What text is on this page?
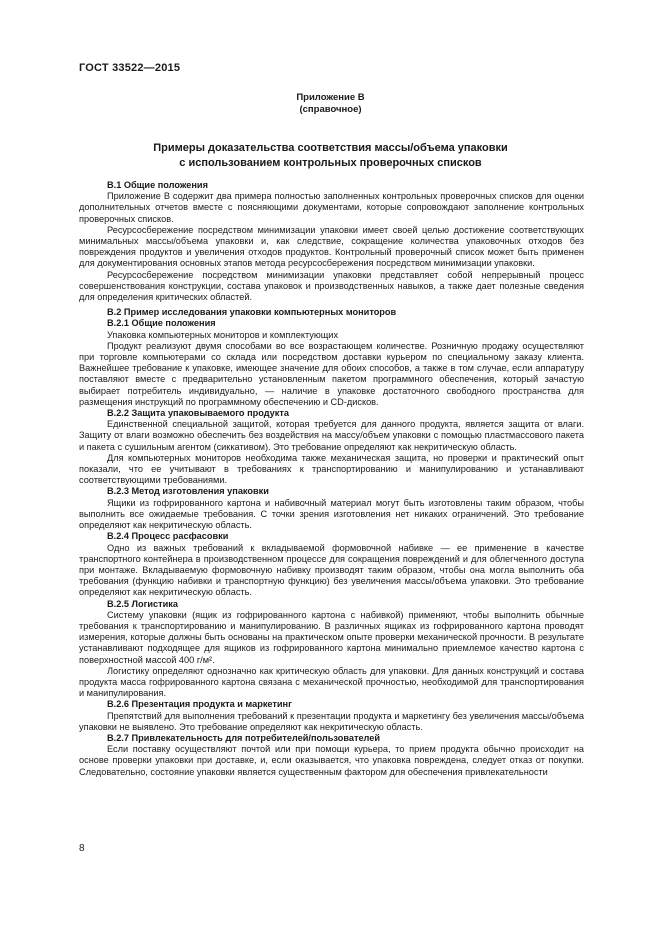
ГОСТ 33522—2015
Приложение В
(справочное)
Примеры доказательства соответствия массы/объема упаковки
с использованием контрольных проверочных списков
В.1 Общие положения

Приложение В содержит два примера полностью заполненных контрольных проверочных списков для оценки дополнительных отчетов вместе с поясняющими документами, которые сопровождают заполнение контрольных проверочных списков.

Ресурсосбережение посредством минимизации упаковки имеет своей целью достижение соответствующих минимальных массы/объема упаковки и, как следствие, сокращение количества упаковочных отходов без повреждения продуктов и увеличения отходов продуктов. Контрольный проверочный список может быть применен для документирования основных этапов метода ресурсосбережения посредством минимизации упаковки.

Ресурсосбережение посредством минимизации упаковки представляет собой непрерывный процесс совершенствования конструкции, состава упаковок и производственных навыков, а также дает полезные сведения для определения критических областей.

В.2 Пример исследования упаковки компьютерных мониторов
В.2.1 Общие положения

Упаковка компьютерных мониторов и комплектующих

Продукт реализуют двумя способами во все возрастающем количестве. Розничную продажу осуществляют при торговле компьютерами со склада или посредством доставки курьером по специальному заказу клиента. Важнейшее требование к упаковке, имеющее значение для обоих способов, а также в том случае, если аппаратуру поставляют вместе с предварительно установленным пакетом программного обеспечения, который зачастую выбирает потребитель индивидуально, — наличие в упаковке достаточного свободного пространства для размещения инструкций по программному обеспечению и CD-дисков.

В.2.2 Защита упаковываемого продукта

Единственной специальной защитой, которая требуется для данного продукта, является защита от влаги. Защиту от влаги возможно обеспечить без воздействия на массу/объем упаковки с помощью пластмассового пакета и пакета с сушильным агентом (сиккативом). Это требование определяют как некритическую область.

Для компьютерных мониторов необходима также механическая защита, но проверки и практический опыт показали, что ее учитывают в требованиях к транспортированию и манипулированию и устанавливают соответствующими требованиями.

В.2.3 Метод изготовления упаковки

Ящики из гофрированного картона и набивочный материал могут быть изготовлены таким образом, чтобы выполнить все ожидаемые требования. С точки зрения изготовления нет никаких ограничений. Это требование определяют как некритическую область.

В.2.4 Процесс расфасовки

Одно из важных требований к вкладываемой формовочной набивке — ее применение в качестве транспортного контейнера в производственном процессе для сокращения повреждений и для облегченного доступа при монтаже. Вкладываемую формовочную набивку производят таким образом, чтобы она могла выполнить оба требования (функцию набивки и транспортную функцию) без увеличения массы/объема упаковки. Это требование определяют как некритическую область.

В.2.5 Логистика

Систему упаковки (ящик из гофрированного картона с набивкой) применяют, чтобы выполнить обычные требования к транспортированию и манипулированию. В различных ящиках из гофрированного картона проводят измерения, которые должны быть основаны на практическом опыте проверки механической прочности. В результате устанавливают подходящее для ящиков из гофрированного картона минимально приемлемое качество картона с поверхностной массой 400 г/м².

Логистику определяют однозначно как критическую область для упаковки. Для данных конструкций и состава продукта масса гофрированного картона связана с механической прочностью, необходимой для транспортирования и манипулирования.

В.2.6 Презентация продукта и маркетинг

Препятствий для выполнения требований к презентации продукта и маркетингу без увеличения массы/объема упаковки не выявлено. Это требование определяют как некритическую область.

В.2.7 Привлекательность для потребителей/пользователей

Если поставку осуществляют почтой или при помощи курьера, то прием продукта обычно происходит на основе проверки упаковки при доставке, и, если оказывается, что упаковка повреждена, следует отказ от покупки. Следовательно, состояние упаковки является существенным фактором для обеспечения привлекательности

8
